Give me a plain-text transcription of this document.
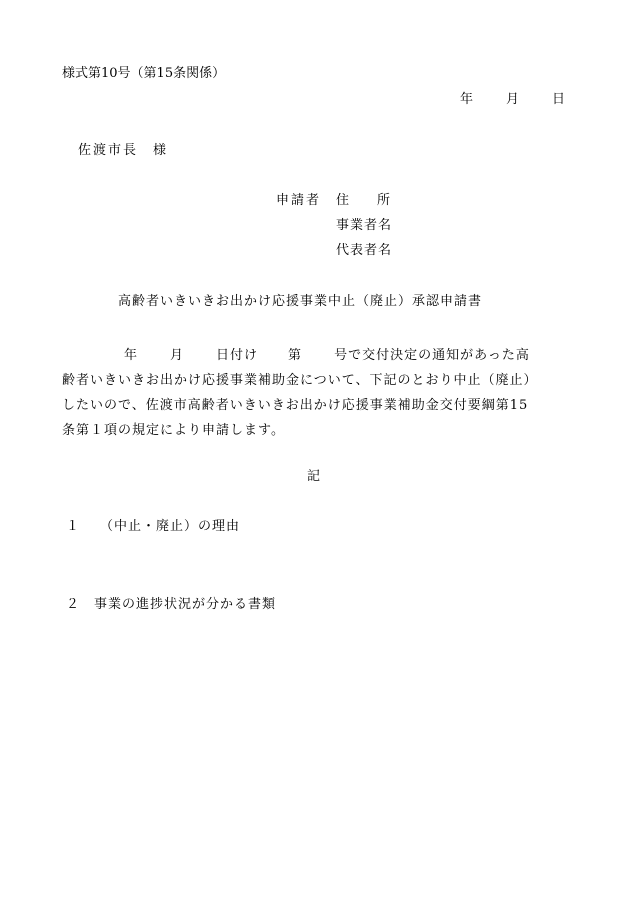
様式第10号（第15条関係）
年	月	日
佐渡市長　様
申請者 住 所
事業者名
代表者名
高齢者いきいきお出かけ応援事業中止（廃止）承認申請書
年 月 日付け 第 号で交付決定の通知があった高
齢者いきいきお出かけ応援事業補助金について、下記のとおり中止（廃止）
したいので、佐渡市高齢者いきいきお出かけ応援事業補助金交付要綱第15
条第１項の規定により申請します。
記
１ （中止・廃止）の理由
２ 事業の進捗状況が分かる書類
